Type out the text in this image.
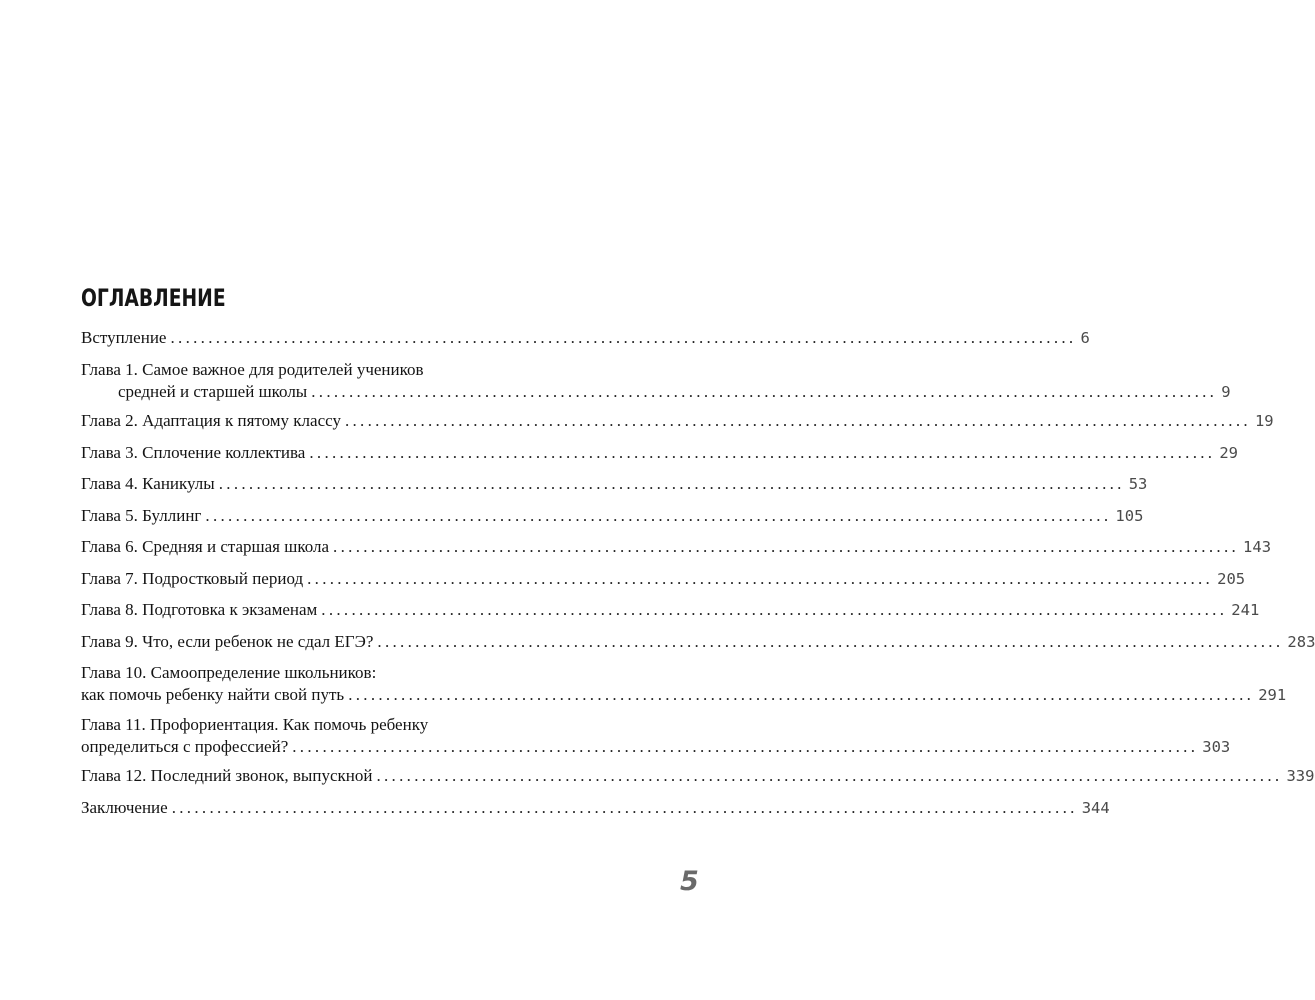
ОГЛАВЛЕНИЕ
Вступление ........................................................................................................................ 6
Глава 1. Самое важное для родителей учеников
средней и старшей школы ........................................................................................................................ 9
Глава 2. Адаптация к пятому классу ........................................................................................................................ 19
Глава 3. Сплочение коллектива ........................................................................................................................ 29
Глава 4. Каникулы ........................................................................................................................ 53
Глава 5. Буллинг ........................................................................................................................ 105
Глава 6. Средняя и старшая школа ........................................................................................................................ 143
Глава 7. Подростковый период ........................................................................................................................ 205
Глава 8. Подготовка к экзаменам ........................................................................................................................ 241
Глава 9. Что, если ребенок не сдал ЕГЭ? ........................................................................................................................ 283
Глава 10. Самоопределение школьников:
как помочь ребенку найти свой путь ........................................................................................................................ 291
Глава 11. Профориентация. Как помочь ребенку
определиться с профессией? ........................................................................................................................ 303
Глава 12. Последний звонок, выпускной ........................................................................................................................ 339
Заключение ........................................................................................................................ 344
5
